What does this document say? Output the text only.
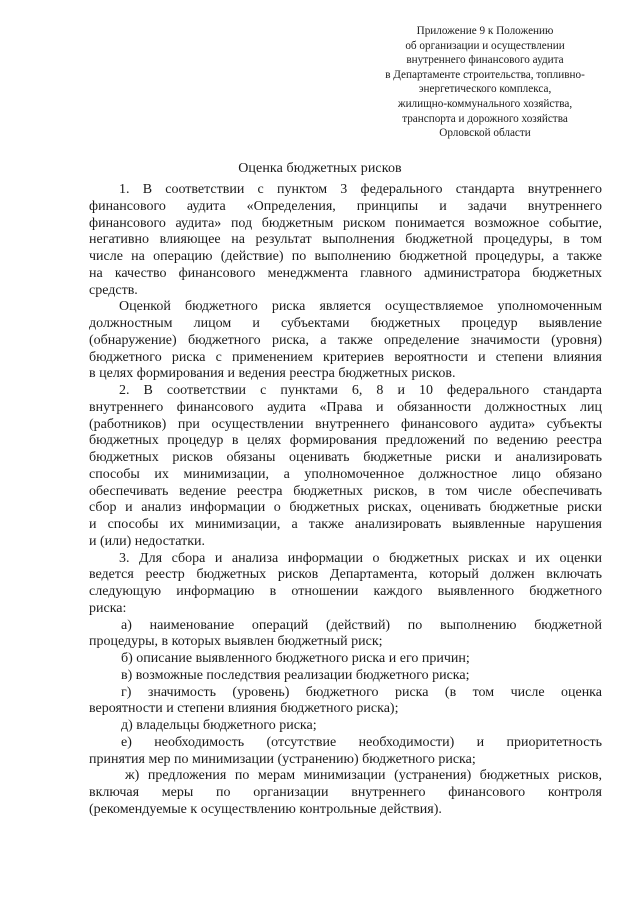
Приложение 9 к Положению
об организации и осуществлении
внутреннего финансового аудита
в Департаменте строительства, топливно-
энергетического комплекса,
жилищно-коммунального хозяйства,
транспорта и дорожного хозяйства
Орловской области
Оценка бюджетных рисков
1. В соответствии с пунктом 3 федерального стандарта внутреннего
финансового аудита «Определения, принципы и задачи внутреннего
финансового аудита» под бюджетным риском понимается возможное событие,
негативно влияющее на результат выполнения бюджетной процедуры, в том
числе на операцию (действие) по выполнению бюджетной процедуры, а также
на качество финансового менеджмента главного администратора бюджетных
средств.
Оценкой бюджетного риска является осуществляемое уполномоченным
должностным лицом и субъектами бюджетных процедур выявление
(обнаружение) бюджетного риска, а также определение значимости (уровня)
бюджетного риска с применением критериев вероятности и степени влияния
в целях формирования и ведения реестра бюджетных рисков.
2. В соответствии с пунктами 6, 8 и 10 федерального стандарта
внутреннего финансового аудита «Права и обязанности должностных лиц
(работников) при осуществлении внутреннего финансового аудита» субъекты
бюджетных процедур в целях формирования предложений по ведению реестра
бюджетных рисков обязаны оценивать бюджетные риски и анализировать
способы их минимизации, а уполномоченное должностное лицо обязано
обеспечивать ведение реестра бюджетных рисков, в том числе обеспечивать
сбор и анализ информации о бюджетных рисках, оценивать бюджетные риски
и способы их минимизации, а также анализировать выявленные нарушения
и (или) недостатки.
3. Для сбора и анализа информации о бюджетных рисках и их оценки
ведется реестр бюджетных рисков Департамента, который должен включать
следующую информацию в отношении каждого выявленного бюджетного
риска:
а) наименование операций (действий) по выполнению бюджетной
процедуры, в которых выявлен бюджетный риск;
б) описание выявленного бюджетного риска и его причин;
в) возможные последствия реализации бюджетного риска;
г) значимость (уровень) бюджетного риска (в том числе оценка
вероятности и степени влияния бюджетного риска);
д) владельцы бюджетного риска;
е) необходимость (отсутствие необходимости) и приоритетность
принятия мер по минимизации (устранению) бюджетного риска;
ж) предложения по мерам минимизации (устранения) бюджетных рисков,
включая меры по организации внутреннего финансового контроля
(рекомендуемые к осуществлению контрольные действия).
